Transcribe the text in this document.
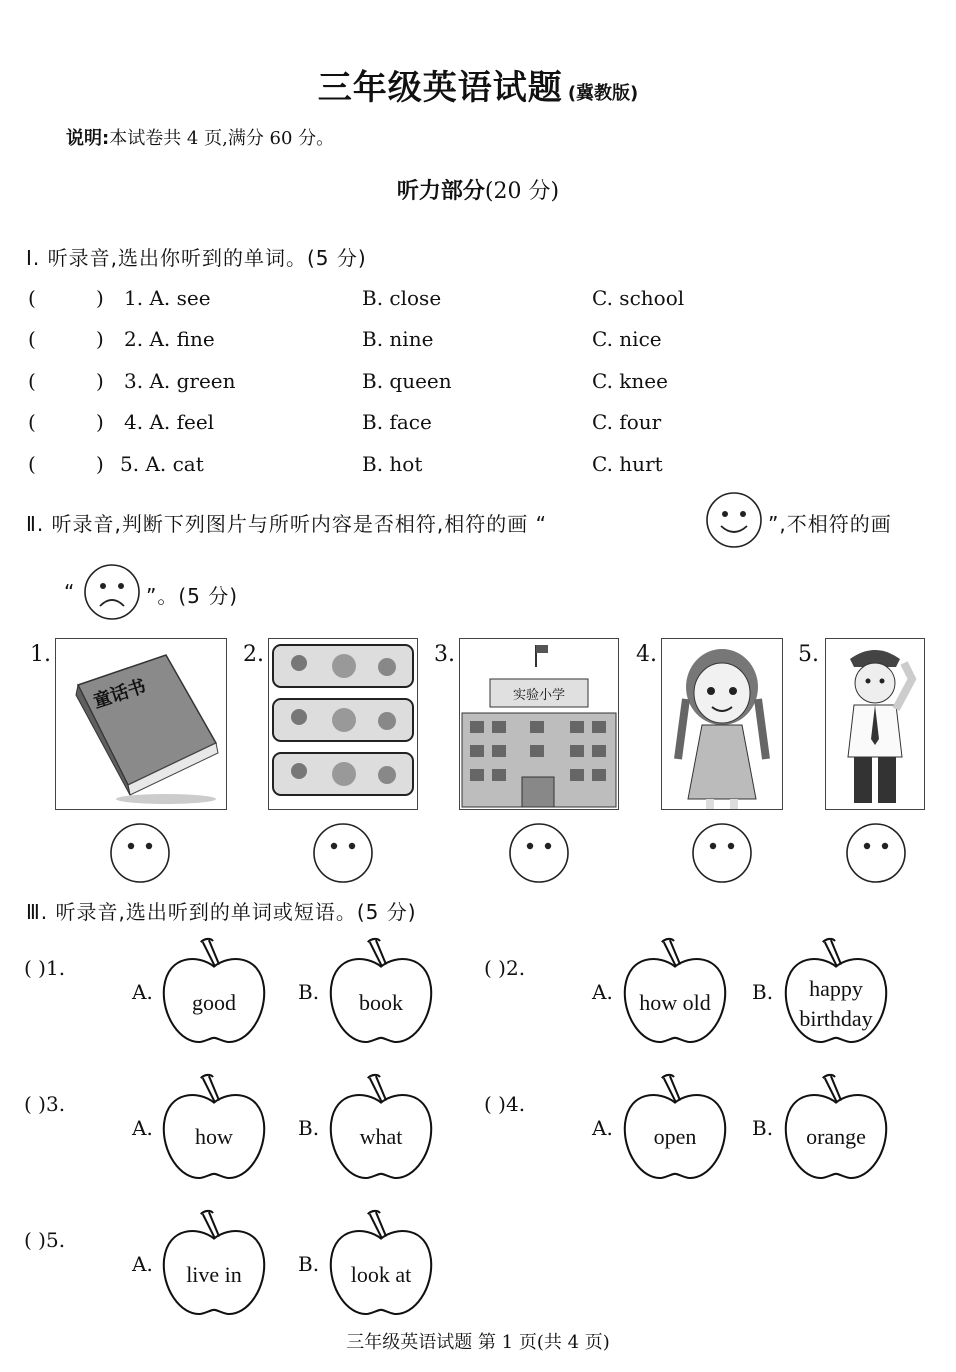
三年级英语试题 (冀教版)
说明:本试卷共 4 页,满分 60 分。
听力部分(20 分)
Ⅰ. 听录音,选出你听到的单词。(5 分)
(	) 1. A. see	B. close	C. school
(	) 2. A. fine	B. nine	C. nice
(	) 3. A. green	B. queen	C. knee
(	) 4. A. feel	B. face	C. four
(	) 5. A. cat	B. hot	C. hurt
Ⅱ. 听录音,判断下列图片与所听内容是否相符,相符的画 “	”,不相符的画
“	”。(5 分)
1.
童话书
2.	3.
实验小学
4.	5.
Ⅲ. 听录音,选出听到的单词或短语。(5 分)
( )1.
A.	good	B.	book
( )2.
A.	how old	B.	happy
birthday
( )3.
A.	how	B.	what
( )4.
A.	open	B.	orange
( )5.
A.	live in	B.	look at
三年级英语试题 第 1 页(共 4 页)
